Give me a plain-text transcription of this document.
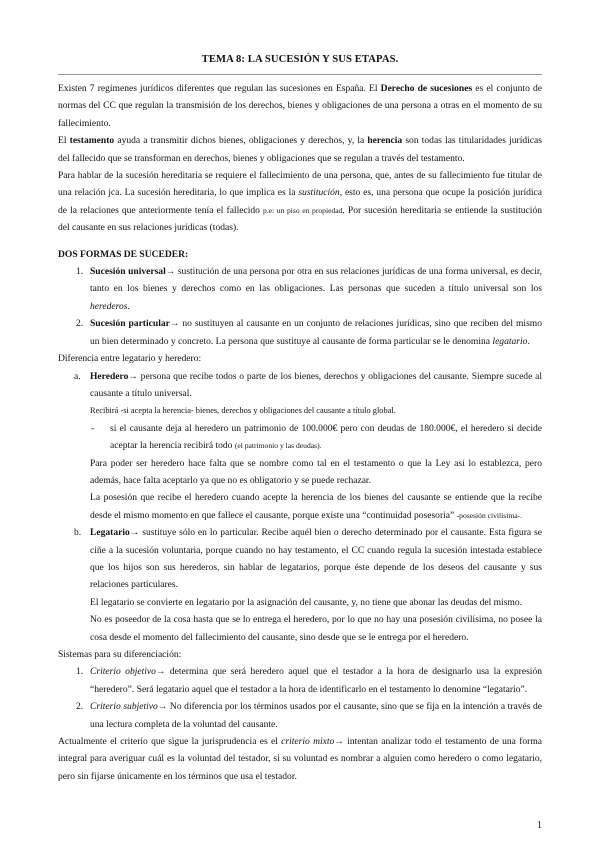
TEMA 8: LA SUCESIÓN Y SUS ETAPAS.

Existen 7 regímenes jurídicos diferentes que regulan las sucesiones en España. El Derecho de sucesiones es el conjunto de normas del CC que regulan la transmisión de los derechos, bienes y obligaciones de una persona a otras en el momento de su fallecimiento.

El testamento ayuda a transmitir dichos bienes, obligaciones y derechos, y, la herencia son todas las titularidades jurídicas del fallecido que se transforman en derechos, bienes y obligaciones que se regulan a través del testamento.

Para hablar de la sucesión hereditaria se requiere el fallecimiento de una persona, que, antes de su fallecimiento fue titular de una relación jca. La sucesión hereditaria, lo que implica es la sustitución, esto es, una persona que ocupe la posición jurídica de la relaciones que anteriormente tenía el fallecido p.e: un piso en propiedad. Por sucesión hereditaria se entiende la sustitución del causante en sus relaciones jurídicas (todas).

DOS FORMAS DE SUCEDER:

1. Sucesión universal→ sustitución de una persona por otra en sus relaciones jurídicas de una forma universal, es decir, tanto en los bienes y derechos como en las obligaciones. Las personas que suceden a título universal son los herederos.

2. Sucesión particular→ no sustituyen al causante en un conjunto de relaciones jurídicas, sino que reciben del mismo un bien determinado y concreto. La persona que sustituye al causante de forma particular se le denomina legatario.

Diferencia entre legatario y heredero:

a. Heredero→ persona que recibe todos o parte de los bienes, derechos y obligaciones del causante. Siempre sucede al causante a título universal.

Recibirá -si acepta la herencia- bienes, derechos y obligaciones del causante a título global.

- si el causante deja al heredero un patrimonio de 100.000€ pero con deudas de 180.000€, el heredero si decide aceptar la herencia recibirá todo (el patrimonio y las deudas).

Para poder ser heredero hace falta que se nombre como tal en el testamento o que la Ley así lo establezca, pero además, hace falta aceptarlo ya que no es obligatorio y se puede rechazar.

La posesión que recibe el heredero cuando acepte la herencia de los bienes del causante se entiende que la recibe desde el mismo momento en que fallece el causante, porque existe una “continuidad posesoria” -posesión civilísima-.

b. Legatario→ sustituye sólo en lo particular. Recibe aquél bien o derecho determinado por el causante. Esta figura se ciñe a la sucesión voluntaria, porque cuando no hay testamento, el CC cuando regula la sucesión intestada establece que los hijos son sus herederos, sin hablar de legatarios, porque éste depende de los deseos del causante y sus relaciones particulares.

El legatario se convierte en legatario por la asignación del causante, y, no tiene que abonar las deudas del mismo.

No es poseedor de la cosa hasta que se lo entrega el heredero, por lo que no hay una posesión civilísima, no posee la cosa desde el momento del fallecimiento del causante, sino desde que se le entrega por el heredero.

Sistemas para su diferenciación:

1. Criterio objetivo→ determina que será heredero aquel que el testador a la hora de designarlo usa la expresión “heredero”. Será legatario aquel que el testador a la hora de identificarlo en el testamento lo denomine “legatario”.

2. Criterio subjetivo→ No diferencia por los términos usados por el causante, sino que se fija en la intención a través de una lectura completa de la voluntad del causante.

Actualmente el criterio que sigue la jurisprudencia es el criterio mixto→ intentan analizar todo el testamento de una forma integral para averiguar cuál es la voluntad del testador, si su voluntad es nombrar a alguien como heredero o como legatario, pero sin fijarse únicamente en los términos que usa el testador.

1
